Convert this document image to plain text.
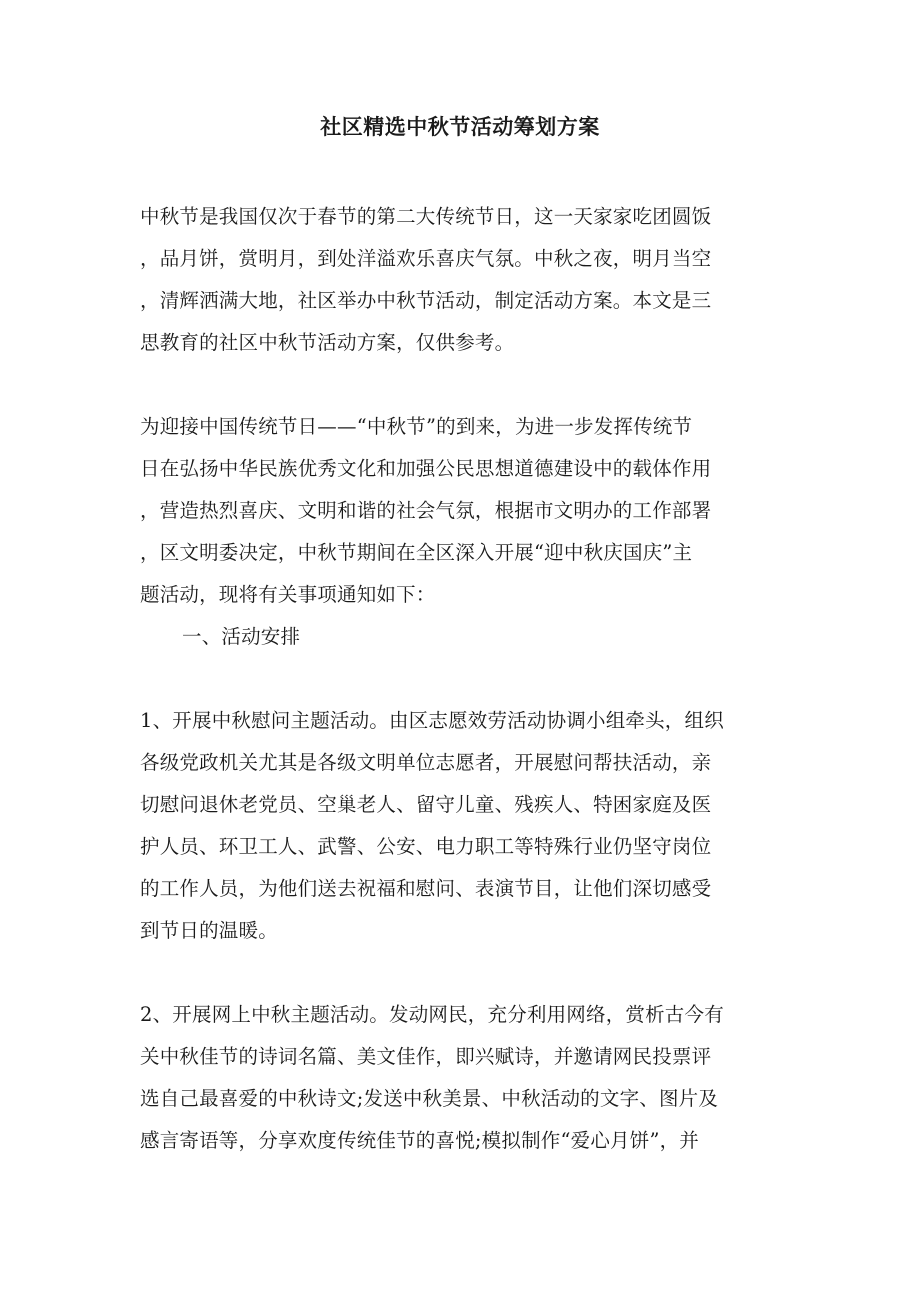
社区精选中秋节活动筹划方案
中秋节是我国仅次于春节的第二大传统节日，这一天家家吃团圆饭
，品月饼，赏明月，到处洋溢欢乐喜庆气氛。中秋之夜，明月当空
，清辉洒满大地，社区举办中秋节活动，制定活动方案。本文是三
思教育的社区中秋节活动方案，仅供参考。
为迎接中国传统节日——“中秋节”的到来，为进一步发挥传统节
日在弘扬中华民族优秀文化和加强公民思想道德建设中的载体作用
，营造热烈喜庆、文明和谐的社会气氛，根据市文明办的工作部署
，区文明委决定，中秋节期间在全区深入开展“迎中秋庆国庆”主
题活动，现将有关事项通知如下：
一、活动安排
1、开展中秋慰问主题活动。由区志愿效劳活动协调小组牵头，组织
各级党政机关尤其是各级文明单位志愿者，开展慰问帮扶活动，亲
切慰问退休老党员、空巢老人、留守儿童、残疾人、特困家庭及医
护人员、环卫工人、武警、公安、电力职工等特殊行业仍坚守岗位
的工作人员，为他们送去祝福和慰问、表演节目，让他们深切感受
到节日的温暖。
2、开展网上中秋主题活动。发动网民，充分利用网络，赏析古今有
关中秋佳节的诗词名篇、美文佳作，即兴赋诗，并邀请网民投票评
选自己最喜爱的中秋诗文;发送中秋美景、中秋活动的文字、图片及
感言寄语等，分享欢度传统佳节的喜悦;模拟制作“爱心月饼”，并
